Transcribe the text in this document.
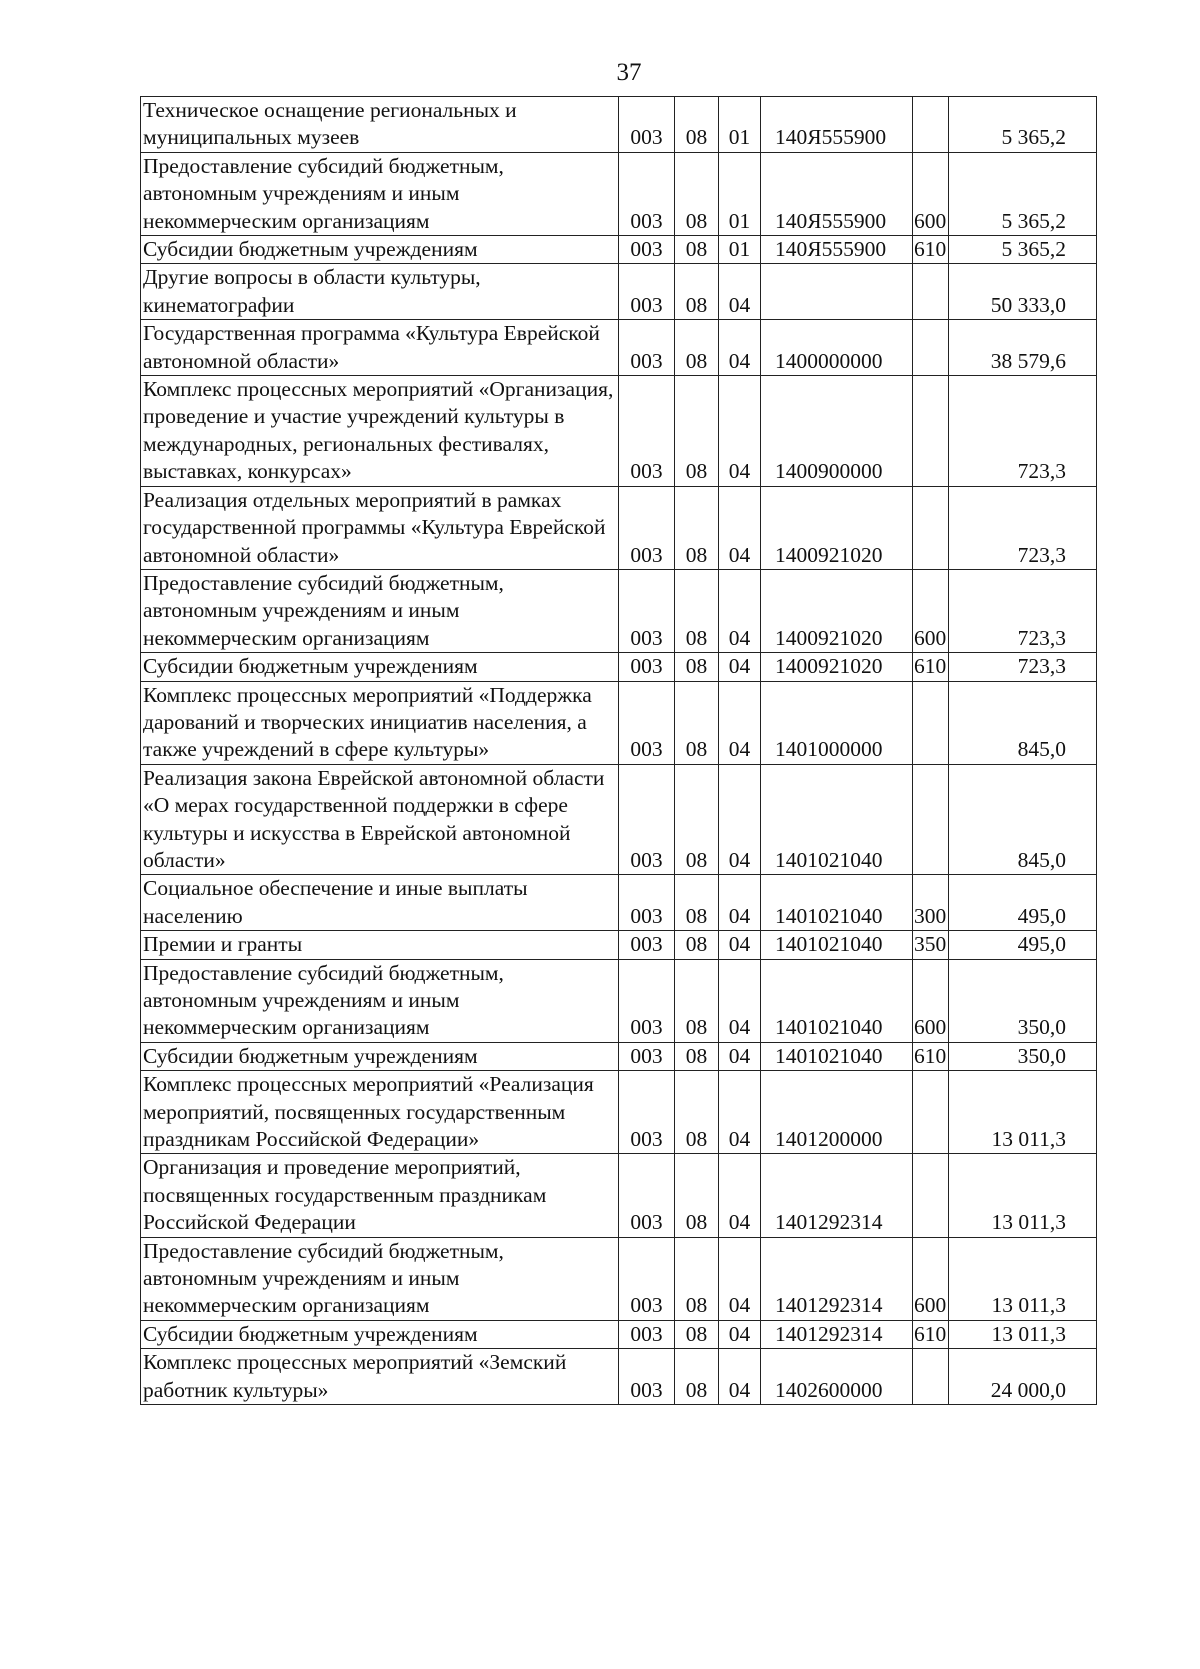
37
Техническое оснащение региональных и муниципальных музеев	003	08	01	140Я555900		5 365,2
Предоставление субсидий бюджетным, автономным учреждениям и иным некоммерческим организациям	003	08	01	140Я555900	600	5 365,2
Субсидии бюджетным учреждениям	003	08	01	140Я555900	610	5 365,2
Другие вопросы в области культуры, кинематографии	003	08	04			50 333,0
Государственная программа «Культура Еврейской автономной области»	003	08	04	1400000000		38 579,6
Комплекс процессных мероприятий «Организация, проведение и участие учреждений культуры в международных, региональных фестивалях, выставках, конкурсах»	003	08	04	1400900000		723,3
Реализация отдельных мероприятий в рамках государственной программы «Культура Еврейской автономной области»	003	08	04	1400921020		723,3
Предоставление субсидий бюджетным, автономным учреждениям и иным некоммерческим организациям	003	08	04	1400921020	600	723,3
Субсидии бюджетным учреждениям	003	08	04	1400921020	610	723,3
Комплекс процессных мероприятий «Поддержка дарований и творческих инициатив населения, а также учреждений в сфере культуры»	003	08	04	1401000000		845,0
Реализация закона Еврейской автономной области «О мерах государственной поддержки в сфере культуры и искусства в Еврейской автономной области»	003	08	04	1401021040		845,0
Социальное обеспечение и иные выплаты населению	003	08	04	1401021040	300	495,0
Премии и гранты	003	08	04	1401021040	350	495,0
Предоставление субсидий бюджетным, автономным учреждениям и иным некоммерческим организациям	003	08	04	1401021040	600	350,0
Субсидии бюджетным учреждениям	003	08	04	1401021040	610	350,0
Комплекс процессных мероприятий «Реализация мероприятий, посвященных государственным праздникам Российской Федерации»	003	08	04	1401200000		13 011,3
Организация и проведение мероприятий, посвященных государственным праздникам Российской Федерации	003	08	04	1401292314		13 011,3
Предоставление субсидий бюджетным, автономным учреждениям и иным некоммерческим организациям	003	08	04	1401292314	600	13 011,3
Субсидии бюджетным учреждениям	003	08	04	1401292314	610	13 011,3
Комплекс процессных мероприятий «Земский работник культуры»	003	08	04	1402600000		24 000,0
